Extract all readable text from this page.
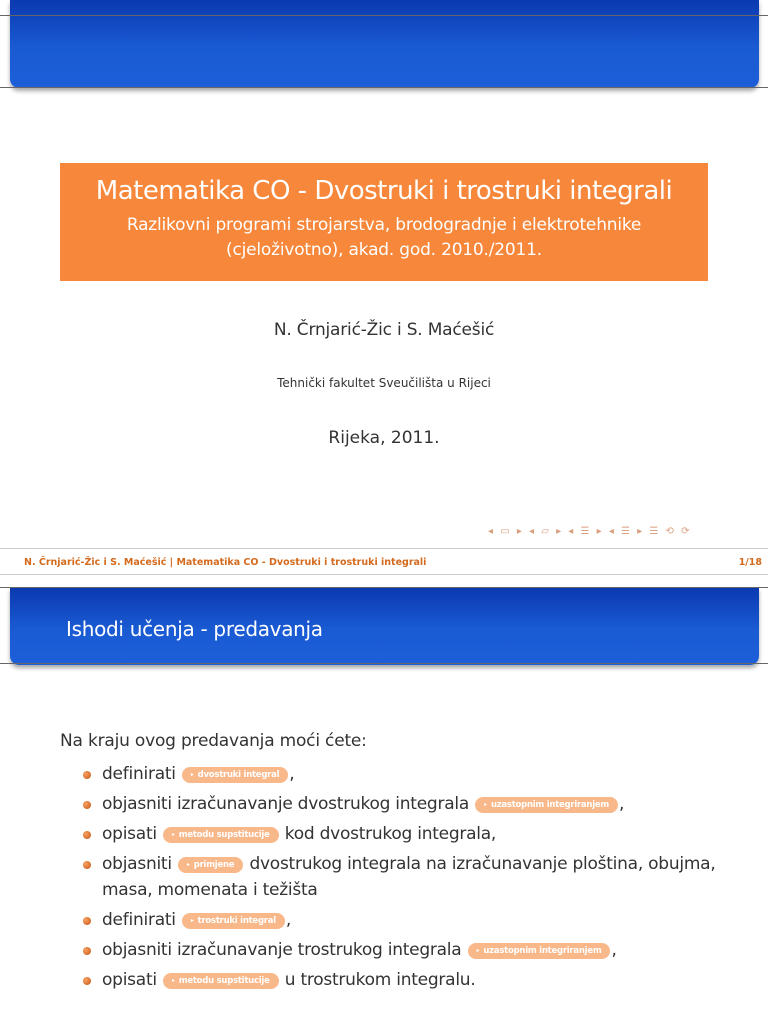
Matematika CO - Dvostruki i trostruki integrali
Razlikovni programi strojarstva, brodogradnje i elektrotehnike
(cjeloživotno), akad. god. 2010./2011.
N. Črnjarić-Žic i S. Maćešić
Tehnički fakultet Sveučilišta u Rijeci
Rijeka, 2011.
◂ ▭ ▸ ◂ ▱ ▸ ◂ ☰ ▸ ◂ ☰ ▸ ☰ ⟲ ⟳
N. Črnjarić-Žic i S. Maćešić | Matematika CO - Dvostruki i trostruki integrali	1/18
Ishodi učenja - predavanja
Na kraju ovog predavanja moći ćete:
definirati ▸ dvostruki integral ,
objasniti izračunavanje dvostrukog integrala ▸ uzastopnim integriranjem ,
opisati ▸ metodu supstitucije kod dvostrukog integrala,
objasniti ▸ primjene dvostrukog integrala na izračunavanje ploština, obujma, masa, momenata i težišta
definirati ▸ trostruki integral ,
objasniti izračunavanje trostrukog integrala ▸ uzastopnim integriranjem ,
opisati ▸ metodu supstitucije u trostrukom integralu.
